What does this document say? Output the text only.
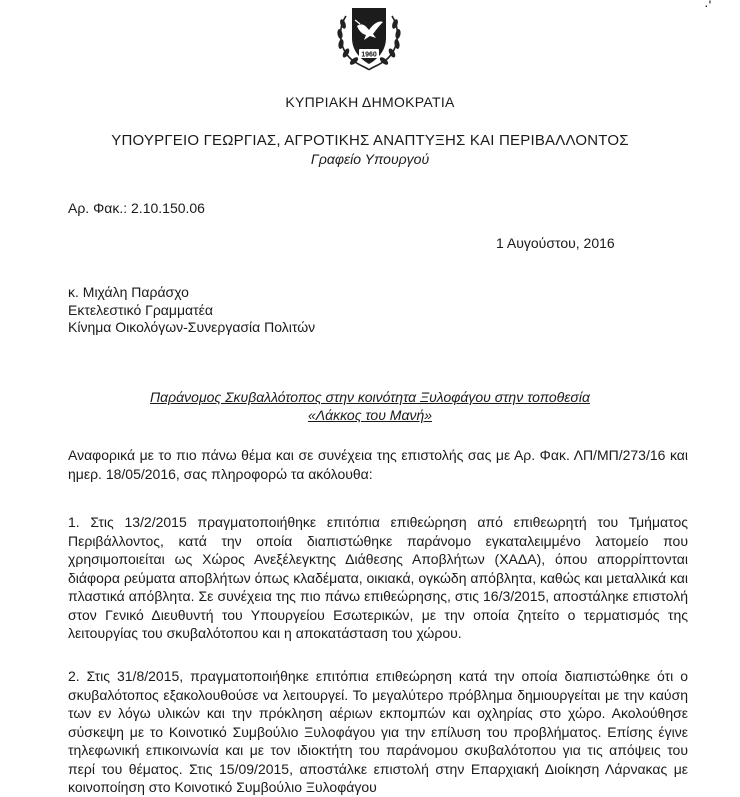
·'
1960
ΚΥΠΡΙΑΚΗ ΔΗΜΟΚΡΑΤΙΑ
ΥΠΟΥΡΓΕΙΟ ΓΕΩΡΓΙΑΣ, ΑΓΡΟΤΙΚΗΣ ΑΝΑΠΤΥΞΗΣ ΚΑΙ ΠΕΡΙΒΑΛΛΟΝΤΟΣ
Γραφείο Υπουργού
Αρ. Φακ.: 2.10.150.06
1 Αυγούστου, 2016
κ. Μιχάλη Παράσχο
Εκτελεστικό Γραμματέα
Κίνημα Οικολόγων-Συνεργασία Πολιτών
Παράνομος Σκυβαλλότοπος στην κοινότητα Ξυλοφάγου στην τοποθεσία
«Λάκκος του Μανή»
Αναφορικά με το πιο πάνω θέμα και σε συνέχεια της επιστολής σας με Αρ. Φακ. ΛΠ/ΜΠ/273/16 και ημερ. 18/05/2016, σας πληροφορώ τα ακόλουθα:
1. Στις 13/2/2015 πραγματοποιήθηκε επιτόπια επιθεώρηση από επιθεωρητή του Τμήματος Περιβάλλοντος, κατά την οποία διαπιστώθηκε παράνομο εγκαταλειμμένο λατομείο που χρησιμοποιείται ως Χώρος Ανεξέλεγκτης Διάθεσης Αποβλήτων (ΧΑΔΑ), όπου απορρίπτονται διάφορα ρεύματα αποβλήτων όπως κλαδέματα, οικιακά, ογκώδη απόβλητα, καθώς και μεταλλικά και πλαστικά απόβλητα. Σε συνέχεια της πιο πάνω επιθεώρησης, στις 16/3/2015, αποστάληκε επιστολή στον Γενικό Διευθυντή του Υπουργείου Εσωτερικών, με την οποία ζητείτο ο τερματισμός της λειτουργίας του σκυβαλότοπου και η αποκατάσταση του χώρου.
2. Στις 31/8/2015, πραγματοποιήθηκε επιτόπια επιθεώρηση κατά την οποία διαπιστώθηκε ότι ο σκυβαλότοπος εξακολουθούσε να λειτουργεί. Το μεγαλύτερο πρόβλημα δημιουργείται με την καύση των εν λόγω υλικών και την πρόκληση αέριων εκπομπών και οχληρίας στο χώρο. Ακολούθησε σύσκεψη με το Κοινοτικό Συμβούλιο Ξυλοφάγου για την επίλυση του προβλήματος. Επίσης έγινε τηλεφωνική επικοινωνία και με τον ιδιοκτήτη του παράνομου σκυβαλότοπου για τις απόψεις του περί του θέματος. Στις 15/09/2015, αποστάλκε επιστολή στην Επαρχιακή Διοίκηση Λάρνακας με κοινοποίηση στο Κοινοτικό Συμβούλιο Ξυλοφάγου
